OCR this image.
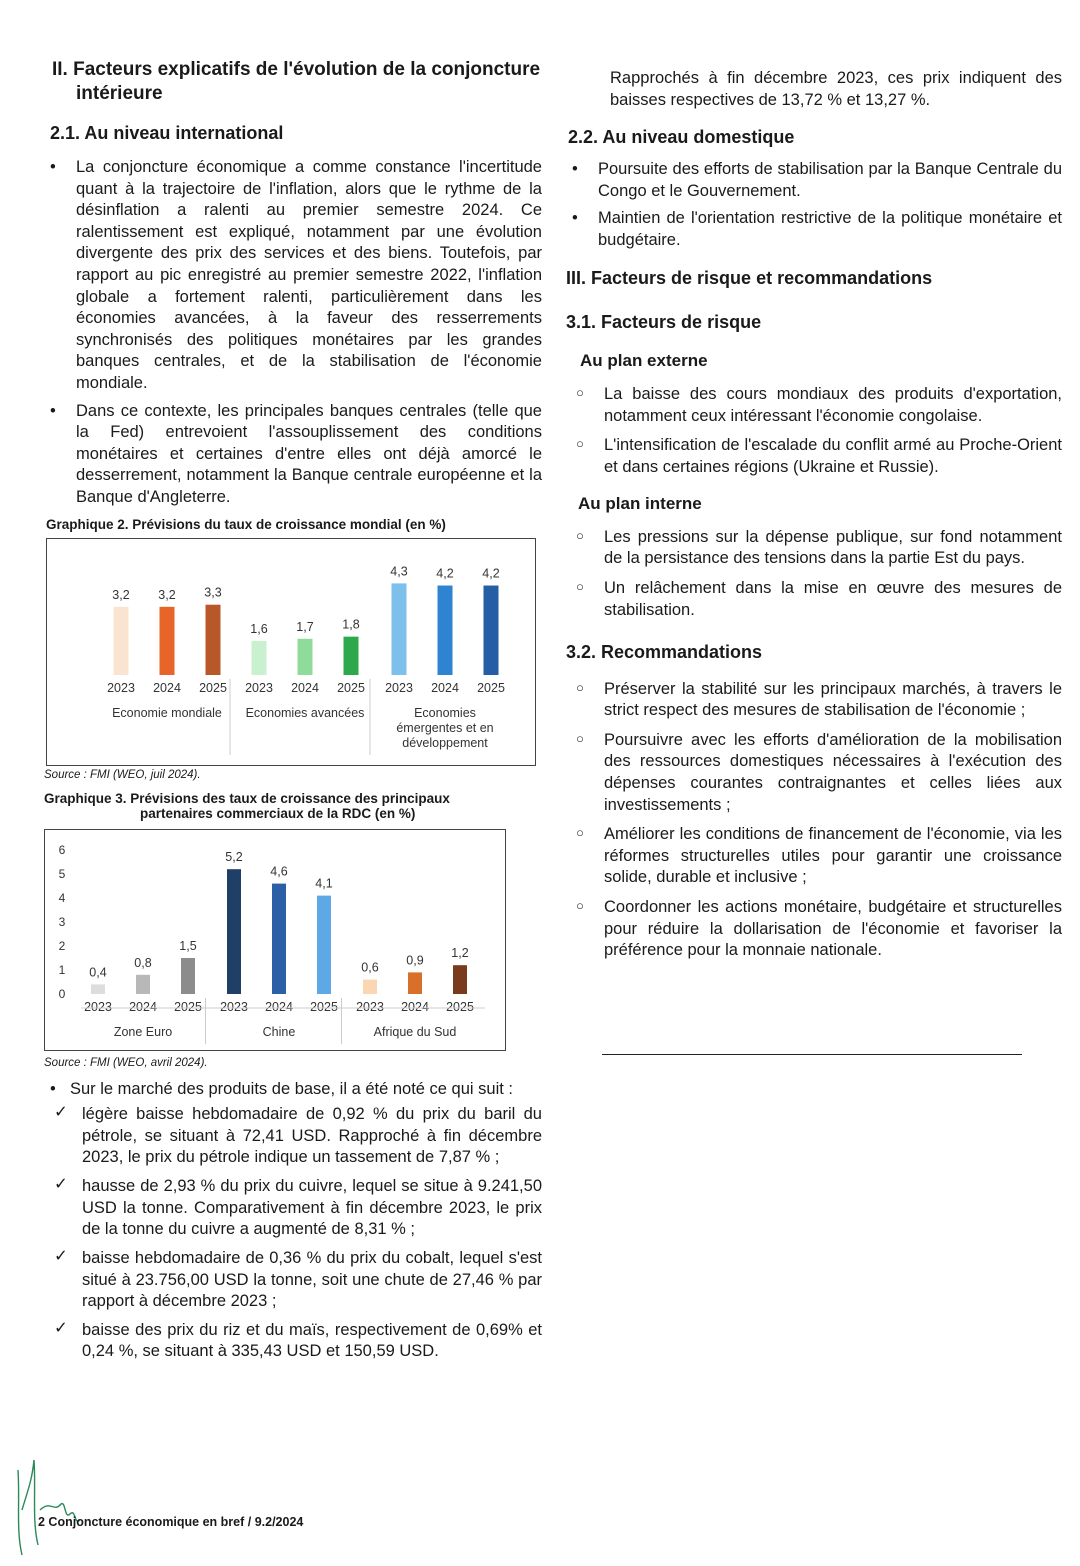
II. Facteurs explicatifs de l'évolution de la conjoncture
intérieure
2.1. Au niveau international
• La conjoncture économique a comme constance l'incertitude quant à la trajectoire de l'inflation, alors que le rythme de la désinflation a ralenti au premier semestre 2024. Ce ralentissement est expliqué, notamment par une évolution divergente des prix des services et des biens. Toutefois, par rapport au pic enregistré au premier semestre 2022, l'inflation globale a fortement ralenti, particulièrement dans les économies avancées, à la faveur des resserrements synchronisés des politiques monétaires par les grandes banques centrales, et de la stabilisation de l'économie mondiale.
• Dans ce contexte, les principales banques centrales (telle que la Fed) entrevoient l'assouplissement des conditions monétaires et certaines d'entre elles ont déjà amorcé le desserrement, notamment la Banque centrale européenne et la Banque d'Angleterre.

Graphique 2. Prévisions du taux de croissance mondial (en %)

3,2
2023
3,2
2024
3,3
2025
Economie mondiale
1,6
2023
1,7
2024
1,8
2025
Economies avancées
4,3
2023
4,2
2024
4,2
2025
Economies
émergentes et en
développement
Source : FMI (WEO, juil 2024).

Graphique 3. Prévisions des taux de croissance des principaux
partenaires commerciaux de la RDC (en %)

0
1
2
3
4
5
6
0,4
2023
0,8
2024
1,5
2025
Zone Euro
5,2
2023
4,6
2024
4,1
2025
Chine
0,6
2023
0,9
2024
1,2
2025
Afrique du Sud
Source : FMI (WEO, avril 2024).
• Sur le marché des produits de base, il a été noté ce qui suit :
✓ légère baisse hebdomadaire de 0,92 % du prix du baril du pétrole, se situant à 72,41 USD. Rapproché à fin décembre 2023, le prix du pétrole indique un tassement de 7,87 % ;
✓ hausse de 2,93 % du prix du cuivre, lequel se situe à 9.241,50 USD la tonne. Comparativement à fin décembre 2023, le prix de la tonne du cuivre a augmenté de 8,31 % ;
✓ baisse hebdomadaire de 0,36 % du prix du cobalt, lequel s'est situé à 23.756,00 USD la tonne, soit une chute de 27,46 % par rapport à décembre 2023 ;
✓ baisse des prix du riz et du maïs, respectivement de 0,69% et 0,24 %, se situant à 335,43 USD et 150,59 USD.
Rapprochés à fin décembre 2023, ces prix indiquent des baisses respectives de 13,72 % et 13,27 %.
2.2. Au niveau domestique
• Poursuite des efforts de stabilisation par la Banque Centrale du Congo et le Gouvernement.
• Maintien de l'orientation restrictive de la politique monétaire et budgétaire.
III. Facteurs de risque et recommandations
3.1. Facteurs de risque
Au plan externe
○ La baisse des cours mondiaux des produits d'exportation, notamment ceux intéressant l'économie congolaise.
○ L'intensification de l'escalade du conflit armé au Proche-Orient et dans certaines régions (Ukraine et Russie).
Au plan interne
○ Les pressions sur la dépense publique, sur fond notamment de la persistance des tensions dans la partie Est du pays.
○ Un relâchement dans la mise en œuvre des mesures de stabilisation.
3.2. Recommandations
○ Préserver la stabilité sur les principaux marchés, à travers le strict respect des mesures de stabilisation de l'économie ;
○ Poursuivre avec les efforts d'amélioration de la mobilisation des ressources domestiques nécessaires à l'exécution des dépenses courantes contraignantes et celles liées aux investissements ;
○ Améliorer les conditions de financement de l'économie, via les réformes structurelles utiles pour garantir une croissance solide, durable et inclusive ;
○ Coordonner les actions monétaire, budgétaire et structurelles pour réduire la dollarisation de l'économie et favoriser la préférence pour la monnaie nationale.
2 Conjoncture économique en bref / 9.2/2024
